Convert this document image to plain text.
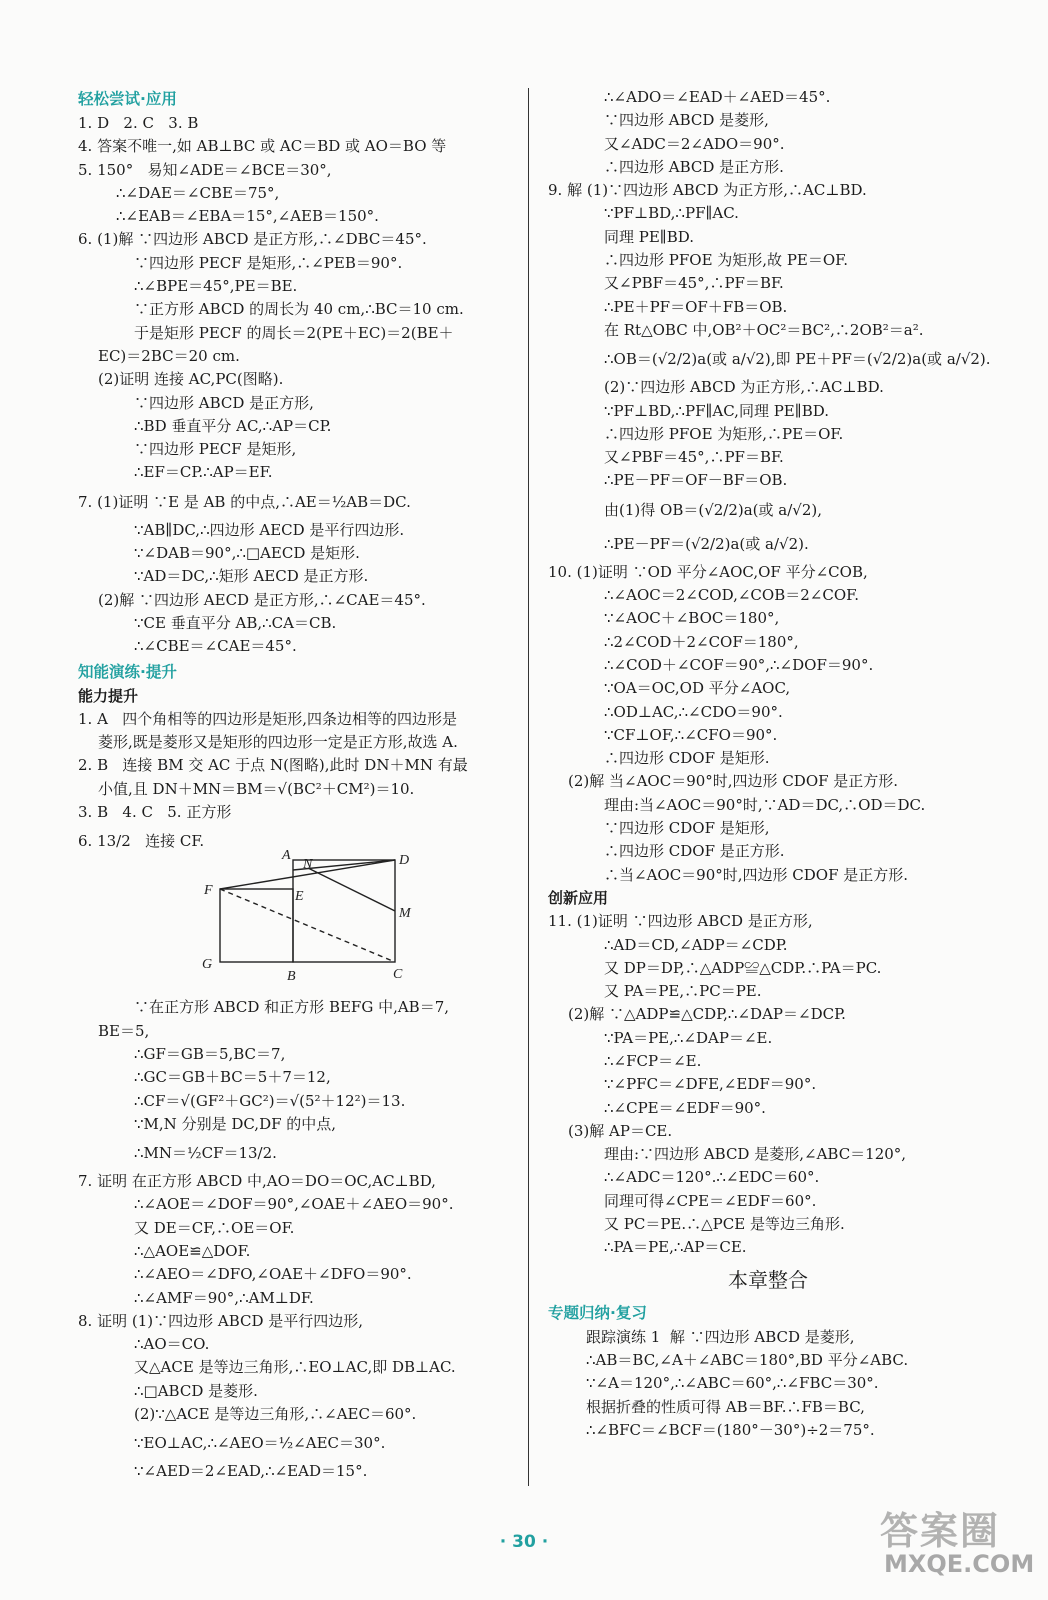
轻松尝试·应用
1. D   2. C   3. B
4. 答案不唯一,如 AB⊥BC 或 AC＝BD 或 AO＝BO 等
5. 150°   易知∠ADE＝∠BCE＝30°,
∴∠DAE＝∠CBE＝75°,
∴∠EAB＝∠EBA＝15°,∠AEB＝150°.
6. (1)解 ∵四边形 ABCD 是正方形,∴∠DBC＝45°.
∵四边形 PECF 是矩形,∴∠PEB＝90°.
∴∠BPE＝45°,PE＝BE.
∵正方形 ABCD 的周长为 40 cm,∴BC＝10 cm.
于是矩形 PECF 的周长＝2(PE＋EC)＝2(BE＋
EC)＝2BC＝20 cm.
(2)证明 连接 AC,PC(图略).
∵四边形 ABCD 是正方形,
∴BD 垂直平分 AC,∴AP＝CP.
∵四边形 PECF 是矩形,
∴EF＝CP.∴AP＝EF.
7. (1)证明 ∵E 是 AB 的中点,∴AE＝½AB＝DC.
∵AB∥DC,∴四边形 AECD 是平行四边形.
∵∠DAB＝90°,∴□AECD 是矩形.
∵AD＝DC,∴矩形 AECD 是正方形.
(2)解 ∵四边形 AECD 是正方形,∴∠CAE＝45°.
∵CE 垂直平分 AB,∴CA＝CB.
∴∠CBE＝∠CAE＝45°.
知能演练·提升
能力提升
1. A   四个角相等的四边形是矩形,四条边相等的四边形是
菱形,既是菱形又是矩形的四边形一定是正方形,故选 A.
2. B   连接 BM 交 AC 于点 N(图略),此时 DN＋MN 有最
小值,且 DN＋MN＝BM＝√(BC²＋CM²)＝10.
3. B   4. C   5. 正方形
6. 13/2   连接 CF.
A
N	D
F	E
M
G
B	C
∵在正方形 ABCD 和正方形 BEFG 中,AB＝7,
BE＝5,
∴GF＝GB＝5,BC＝7,
∴GC＝GB＋BC＝5＋7＝12,
∴CF＝√(GF²＋GC²)＝√(5²＋12²)＝13.
∵M,N 分别是 DC,DF 的中点,
∴MN＝½CF＝13/2.
7. 证明 在正方形 ABCD 中,AO＝DO＝OC,AC⊥BD,
∴∠AOE＝∠DOF＝90°,∠OAE＋∠AEO＝90°.
又 DE＝CF,∴OE＝OF.
∴△AOE≌△DOF.
∴∠AEO＝∠DFO,∠OAE＋∠DFO＝90°.
∴∠AMF＝90°,∴AM⊥DF.
8. 证明 (1)∵四边形 ABCD 是平行四边形,
∴AO＝CO.
又△ACE 是等边三角形,∴EO⊥AC,即 DB⊥AC.
∴□ABCD 是菱形.
(2)∵△ACE 是等边三角形,∴∠AEC＝60°.
∵EO⊥AC,∴∠AEO＝½∠AEC＝30°.
∵∠AED＝2∠EAD,∴∠EAD＝15°.
∴∠ADO＝∠EAD＋∠AED＝45°.
∵四边形 ABCD 是菱形,
又∠ADC＝2∠ADO＝90°.
∴四边形 ABCD 是正方形.
9. 解 (1)∵四边形 ABCD 为正方形,∴AC⊥BD.
∵PF⊥BD,∴PF∥AC.
同理 PE∥BD.
∴四边形 PFOE 为矩形,故 PE＝OF.
又∠PBF＝45°,∴PF＝BF.
∴PE＋PF＝OF＋FB＝OB.
在 Rt△OBC 中,OB²＋OC²＝BC²,∴2OB²＝a².
∴OB＝(√2/2)a(或 a/√2),即 PE＋PF＝(√2/2)a(或 a/√2).
(2)∵四边形 ABCD 为正方形,∴AC⊥BD.
∵PF⊥BD,∴PF∥AC,同理 PE∥BD.
∴四边形 PFOE 为矩形,∴PE＝OF.
又∠PBF＝45°,∴PF＝BF.
∴PE－PF＝OF－BF＝OB.
由(1)得 OB＝(√2/2)a(或 a/√2),
∴PE－PF＝(√2/2)a(或 a/√2).
10. (1)证明 ∵OD 平分∠AOC,OF 平分∠COB,
∴∠AOC＝2∠COD,∠COB＝2∠COF.
∵∠AOC＋∠BOC＝180°,
∴2∠COD＋2∠COF＝180°,
∴∠COD＋∠COF＝90°,∴∠DOF＝90°.
∵OA＝OC,OD 平分∠AOC,
∴OD⊥AC,∴∠CDO＝90°.
∵CF⊥OF,∴∠CFO＝90°.
∴四边形 CDOF 是矩形.
(2)解 当∠AOC＝90°时,四边形 CDOF 是正方形.
理由:当∠AOC＝90°时,∵AD＝DC,∴OD＝DC.
∵四边形 CDOF 是矩形,
∴四边形 CDOF 是正方形.
∴当∠AOC＝90°时,四边形 CDOF 是正方形.
创新应用
11. (1)证明 ∵四边形 ABCD 是正方形,
∴AD＝CD,∠ADP＝∠CDP.
又 DP＝DP,∴△ADP≌△CDP.∴PA＝PC.
又 PA＝PE,∴PC＝PE.
(2)解 ∵△ADP≌△CDP,∴∠DAP＝∠DCP.
∵PA＝PE,∴∠DAP＝∠E.
∴∠FCP＝∠E.
∵∠PFC＝∠DFE,∠EDF＝90°.
∴∠CPE＝∠EDF＝90°.
(3)解 AP＝CE.
理由:∵四边形 ABCD 是菱形,∠ABC＝120°,
∴∠ADC＝120°.∴∠EDC＝60°.
同理可得∠CPE＝∠EDF＝60°.
又 PC＝PE.∴△PCE 是等边三角形.
∴PA＝PE,∴AP＝CE.
本章整合
专题归纳·复习
跟踪演练 1  解 ∵四边形 ABCD 是菱形,
∴AB＝BC,∠A＋∠ABC＝180°,BD 平分∠ABC.
∵∠A＝120°,∴∠ABC＝60°,∴∠FBC＝30°.
根据折叠的性质可得 AB＝BF.∴FB＝BC,
∴∠BFC＝∠BCF＝(180°－30°)÷2＝75°.
· 30 ·	答案圈
MXQE.COM
